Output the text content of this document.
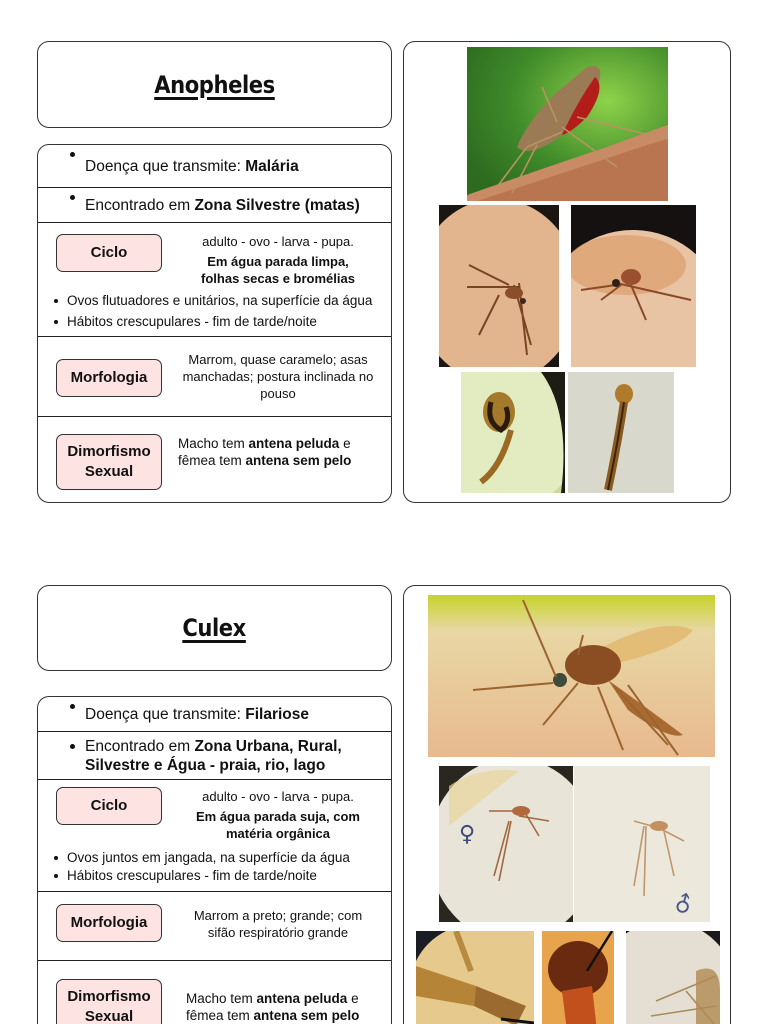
Anopheles
Doença que transmite: Malária
Encontrado em Zona Silvestre (matas)
Ciclo
adulto - ovo - larva - pupa.
Em água parada limpa,
folhas secas e bromélias
Ovos flutuadores e unitários, na superfície da água
Hábitos crescupulares - fim de tarde/noite
Morfologia
Marrom, quase caramelo; asas
manchadas; postura inclinada no
pouso
Dimorfismo
Sexual
Macho tem antena peluda e
fêmea tem antena sem pelo
Culex
Doença que transmite: Filariose
Encontrado em Zona Urbana, Rural,
Silvestre e Água - praia, rio, lago
Ciclo
adulto - ovo - larva - pupa.
Em água parada suja, com
matéria orgânica
Ovos juntos em jangada, na superfície da água
Hábitos crescupulares - fim de tarde/noite
Morfologia	Marrom a preto; grande; com
sifão respiratório grande
Dimorfismo
Sexual
Macho tem antena peluda e
fêmea tem antena sem pelo
♀
♂
